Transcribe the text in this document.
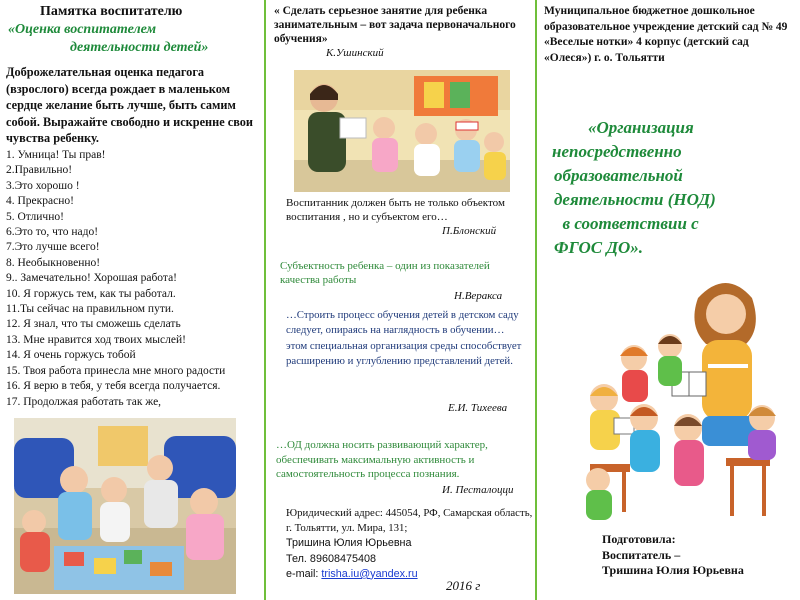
Памятка воспитателю
«Оценка воспитателем
деятельности детей»
Доброжелательная оценка педагога (взрослого) всегда рождает в маленьком сердце желание быть лучше, быть самим собой. Выражайте свободно и искренне свои чувства ребенку.
1. Умница! Ты прав!
2.Правильно!
3.Это хорошо !
4. Прекрасно!
5. Отлично!
6.Это то, что надо!
7.Это лучше всего!
8. Необыкновенно!
9.. Замечательно! Хорошая работа!
10. Я горжусь тем, как ты работал.
11.Ты сейчас на правильном пути.
12. Я знал, что ты сможешь сделать
13. Мне нравится ход твоих мыслей!
14. Я очень горжусь тобой
15. Твоя работа принесла мне много радости
16. Я верю в тебя, у тебя всегда получается.
17. Продолжая работать так же,
« Сделать серьезное занятие для ребенка занимательным – вот задача первоначального обучения»
К.Ушинский
Воспитанник должен быть не только объектом воспитания , но и субъектом его…
П.Блонский
Субъектность ребенка – один из показателей качества работы
Н.Веракса
…Строить процесс обучения детей в детском саду следует, опираясь на наглядность в обучении… этом специальная организация среды способствует расширению и углублению представлений детей.
Е.И. Тихеева
…ОД должна носить развивающий характер, обеспечивать максимальную активность и самостоятельность процесса познания.
И. Песталоцци
Юридический адрес: 445054, РФ, Самарская область, г. Тольятти, ул. Мира, 131;
Тришина Юлия Юрьевна
Тел. 89608475408
e-mail: trisha.iu@yandex.ru
2016 г
Муниципальное бюджетное дошкольное образовательное учреждение детский сад № 49 «Веселые нотки» 4 корпус (детский сад «Олеся») г. о. Тольятти
«Организация
непосредственно
образовательной
деятельности (НОД)
в соответствии с
ФГОС ДО».
Подготовила:
Воспитатель –
Тришина Юлия Юрьевна
